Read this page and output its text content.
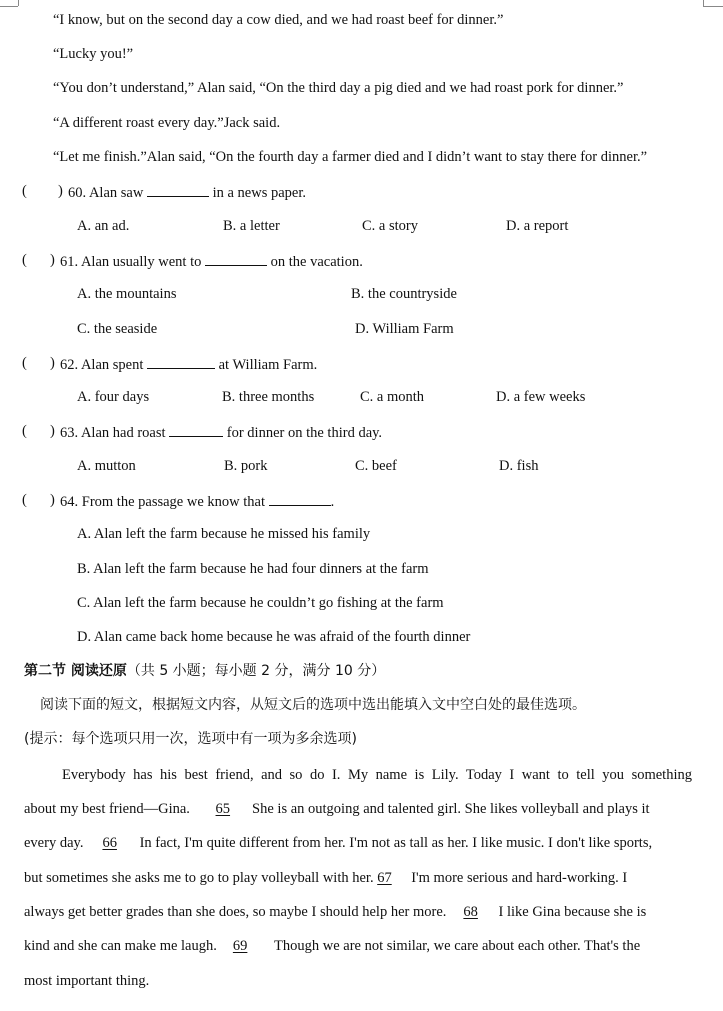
“I know, but on the second day a cow died, and we had roast beef for dinner.”
“Lucky you!”
“You don’t understand,” Alan said, “On the third day a pig died and we had roast pork for dinner.”
“A different roast every day.”Jack said.
“Let me finish.”Alan said, “On the fourth day a farmer died and I didn’t want to stay there for dinner.”
( ) 60. Alan saw	in a news paper.
A. an ad.	B. a letter	C. a story	D. a report
( ) 61. Alan usually went to	on the vacation.
A. the mountains	B. the countryside
C. the seaside	D. William Farm
( ) 62. Alan spent	at William Farm.
A. four days	B. three months	C. a month	D. a few weeks
( ) 63. Alan had roast	for dinner on the third day.
A. mutton	B. pork	C. beef	D. fish
( ) 64. From the passage we know that	.
A. Alan left the farm because he missed his family
B. Alan left the farm because he had four dinners at the farm
C. Alan left the farm because he couldn’t go fishing at the farm
D. Alan came back home because he was afraid of the fourth dinner
第二节 阅读还原（共 5 小题；每小题 2 分，满分 10 分）
阅读下面的短文，根据短文内容，从短文后的选项中选出能填入文中空白处的最佳选项。
(提示：每个选项只用一次，选项中有一项为多余选项)
Everybody has his best friend, and so do I. My name is Lily. Today I want to tell you something
about my best friend—Gina. 65 She is an outgoing and talented girl. She likes volleyball and plays it
every day. 66 In fact, I'm quite different from her. I'm not as tall as her. I like music. I don't like sports,
but sometimes she asks me to go to play volleyball with her. 67 I'm more serious and hard-working. I
always get better grades than she does, so maybe I should help her more. 68 I like Gina because she is
kind and she can make me laugh. 69 Though we are not similar, we care about each other. That's the
most important thing.
